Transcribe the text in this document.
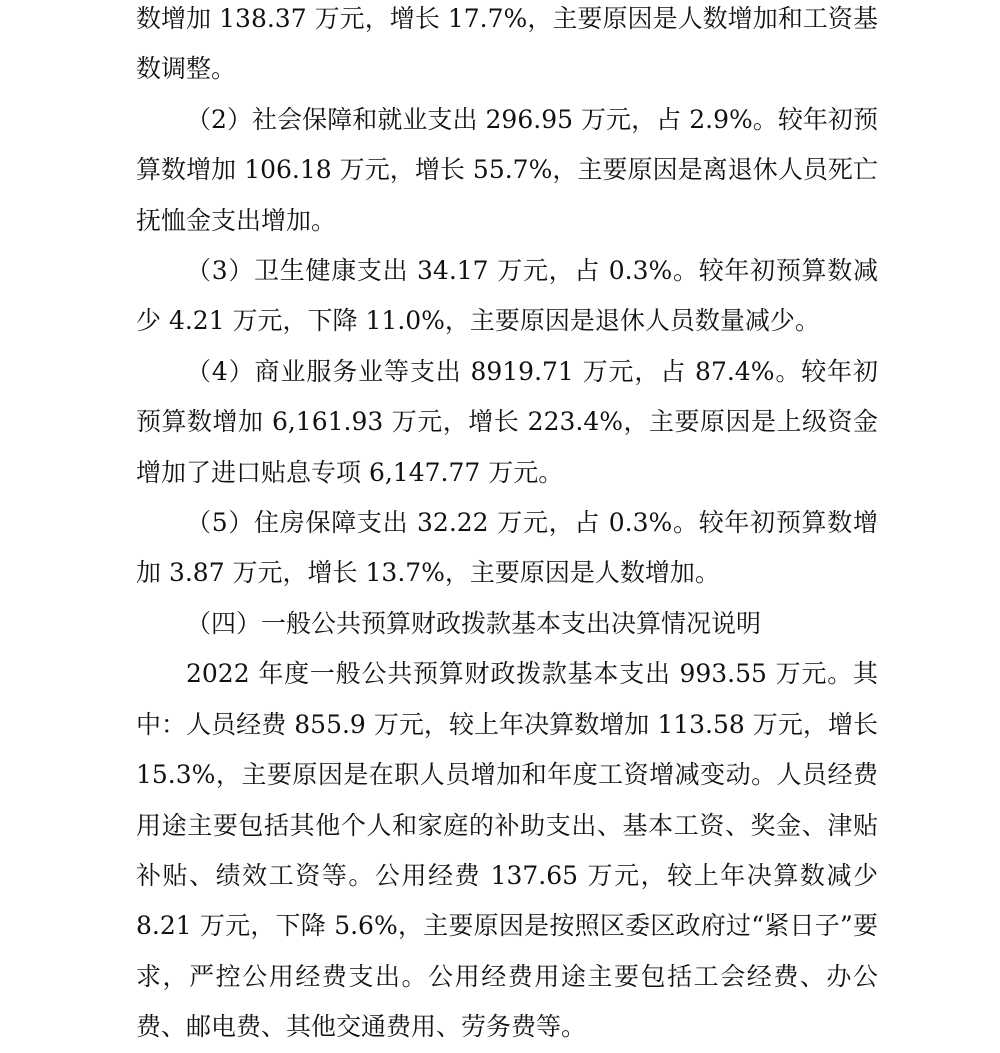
数增加 138.37 万元，增长 17.7%，主要原因是人数增加和工资基数调整。

（2）社会保障和就业支出 296.95 万元，占 2.9%。较年初预算数增加 106.18 万元，增长 55.7%，主要原因是离退休人员死亡抚恤金支出增加。

（3）卫生健康支出 34.17 万元，占 0.3%。较年初预算数减少 4.21 万元，下降 11.0%，主要原因是退休人员数量减少。

（4）商业服务业等支出 8919.71 万元，占 87.4%。较年初预算数增加 6,161.93 万元，增长 223.4%，主要原因是上级资金增加了进口贴息专项 6,147.77 万元。

（5）住房保障支出 32.22 万元，占 0.3%。较年初预算数增加 3.87 万元，增长 13.7%，主要原因是人数增加。

（四）一般公共预算财政拨款基本支出决算情况说明

2022 年度一般公共预算财政拨款基本支出 993.55 万元。其中：人员经费 855.9 万元，较上年决算数增加 113.58 万元，增长 15.3%，主要原因是在职人员增加和年度工资增减变动。人员经费用途主要包括其他个人和家庭的补助支出、基本工资、奖金、津贴补贴、绩效工资等。公用经费 137.65 万元，较上年决算数减少 8.21 万元，下降 5.6%，主要原因是按照区委区政府过“紧日子”要求，严控公用经费支出。公用经费用途主要包括工会经费、办公费、邮电费、其他交通费用、劳务费等。
